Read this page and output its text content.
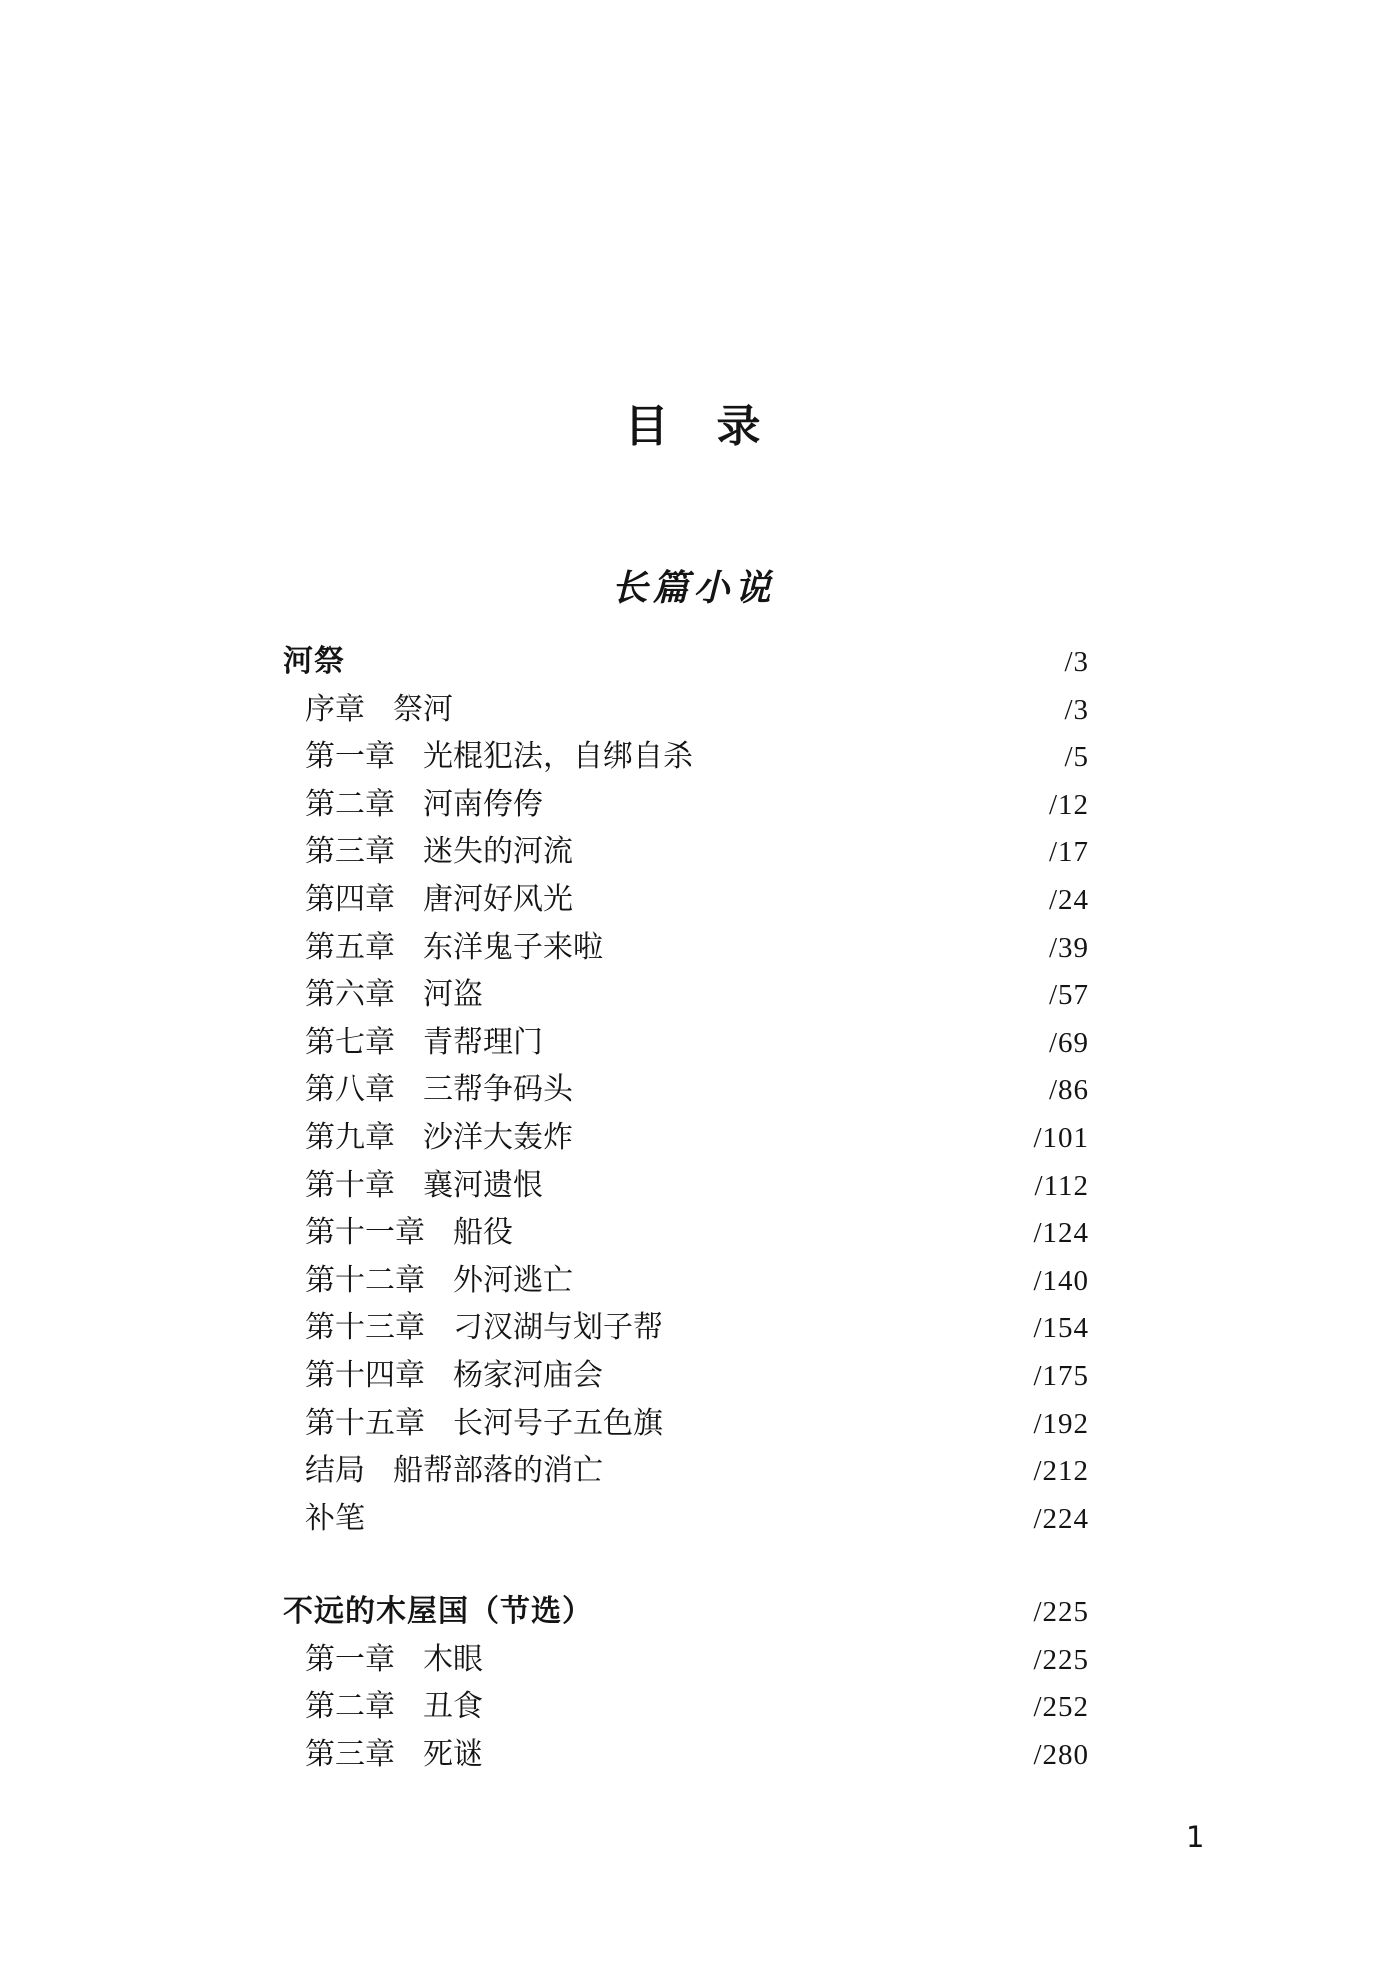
目　录
长篇小说
河祭	/3
序章 祭河	/3
第一章 光棍犯法，自绑自杀	/5
第二章 河南侉侉	/12
第三章 迷失的河流	/17
第四章 唐河好风光	/24
第五章 东洋鬼子来啦	/39
第六章 河盗	/57
第七章 青帮理门	/69
第八章 三帮争码头	/86
第九章 沙洋大轰炸	/101
第十章 襄河遗恨	/112
第十一章 船役	/124
第十二章 外河逃亡	/140
第十三章 刁汊湖与划子帮	/154
第十四章 杨家河庙会	/175
第十五章 长河号子五色旗	/192
结局 船帮部落的消亡	/212
补笔	/224
不远的木屋国（节选）	/225
第一章 木眼	/225
第二章 丑食	/252
第三章 死谜	/280
1
